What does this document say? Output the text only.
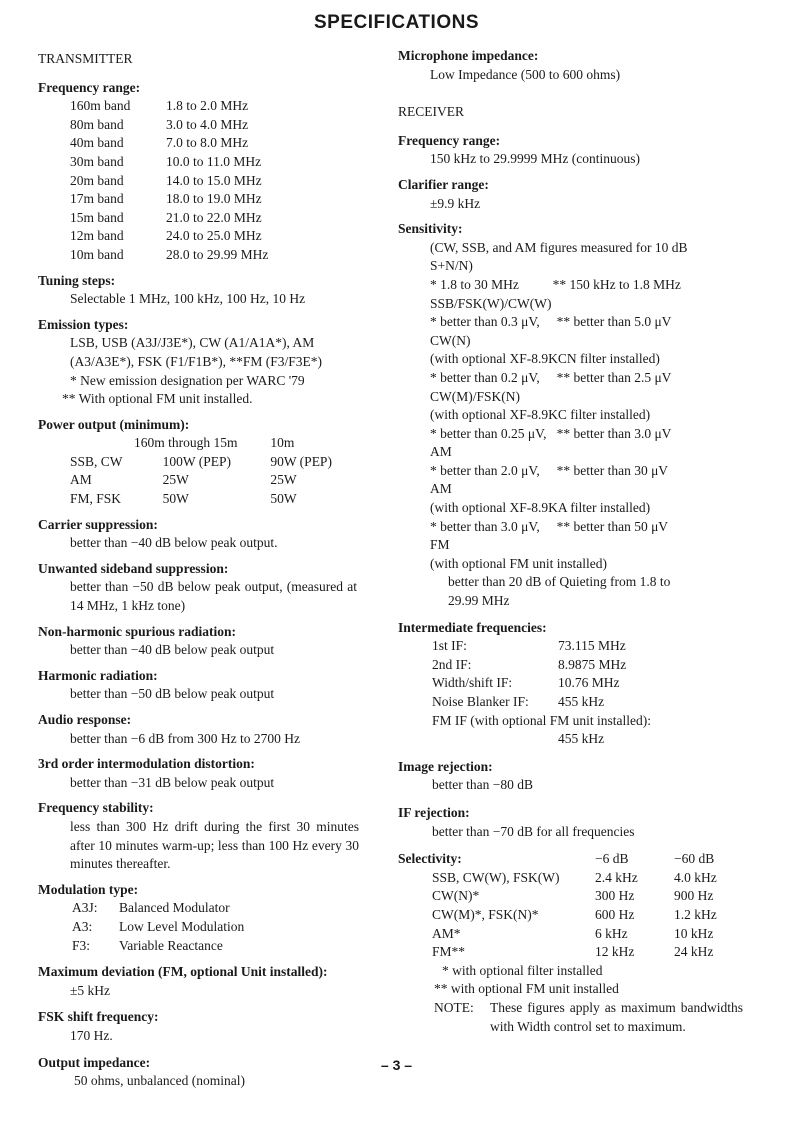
SPECIFICATIONS
TRANSMITTER
Frequency range:
160m band	1.8 to 2.0 MHz
80m band	3.0 to 4.0 MHz
40m band	7.0 to 8.0 MHz
30m band	10.0 to 11.0 MHz
20m band	14.0 to 15.0 MHz
17m band	18.0 to 19.0 MHz
15m band	21.0 to 22.0 MHz
12m band	24.0 to 25.0 MHz
10m band	28.0 to 29.99 MHz
Tuning steps:
Selectable 1 MHz, 100 kHz, 100 Hz, 10 Hz
Emission types:
LSB, USB (A3J/J3E*), CW (A1/A1A*), AM
(A3/A3E*), FSK (F1/F1B*), **FM (F3/F3E*)
* New emission designation per WARC '79
** With optional FM unit installed.
Power output (minimum):
160m through 15m		10m
SSB, CW	100W (PEP)	90W (PEP)
AM	25W	25W
FM, FSK	50W	50W
Carrier suppression:
better than −40 dB below peak output.
Unwanted sideband suppression:
better than −50 dB below peak output, (measured at 14 MHz, 1 kHz tone)
Non-harmonic spurious radiation:
better than −40 dB below peak output
Harmonic radiation:
better than −50 dB below peak output
Audio response:
better than −6 dB from 300 Hz to 2700 Hz
3rd order intermodulation distortion:
better than −31 dB below peak output
Frequency stability:
less than 300 Hz drift during the first 30 minutes after 10 minutes warm-up; less than 100 Hz every 30 minutes thereafter.
Modulation type:
A3J:	Balanced Modulator
A3:	Low Level Modulation
F3:	Variable Reactance
Maximum deviation (FM, optional Unit installed):
±5 kHz
FSK shift frequency:
170 Hz.
Output impedance:
50 ohms, unbalanced (nominal)
Microphone impedance:
Low Impedance (500 to 600 ohms)
RECEIVER
Frequency range:
150 kHz to 29.9999 MHz (continuous)
Clarifier range:
±9.9 kHz
Sensitivity:
(CW, SSB, and AM figures measured for 10 dB
S+N/N)
* 1.8 to 30 MHz          ** 150 kHz to 1.8 MHz
SSB/FSK(W)/CW(W)
* better than 0.3 μV,     ** better than 5.0 μV
CW(N)
(with optional XF-8.9KCN filter installed)
* better than 0.2 μV,     ** better than 2.5 μV
CW(M)/FSK(N)
(with optional XF-8.9KC filter installed)
* better than 0.25 μV,   ** better than 3.0 μV
AM
* better than 2.0 μV,     ** better than 30 μV
AM
(with optional XF-8.9KA filter installed)
* better than 3.0 μV,     ** better than 50 μV
FM
(with optional FM unit installed)
better than 20 dB of Quieting from 1.8 to
29.99 MHz
Intermediate frequencies:
1st IF:	73.115 MHz
2nd IF:	8.9875 MHz
Width/shift IF:	10.76 MHz
Noise Blanker IF:	455 kHz
FM IF (with optional FM unit installed):
455 kHz
Image rejection:
better than −80 dB
IF rejection:
better than −70 dB for all frequencies
Selectivity:	−6 dB	−60 dB
SSB, CW(W), FSK(W)	2.4 kHz	4.0 kHz
CW(N)*	300 Hz	900 Hz
CW(M)*, FSK(N)*	600 Hz	1.2 kHz
AM*	6 kHz	10 kHz
FM**	12 kHz	24 kHz
* with optional filter installed
** with optional FM unit installed
NOTE:	These figures apply as maximum bandwidths with Width control set to maximum.
– 3 –
